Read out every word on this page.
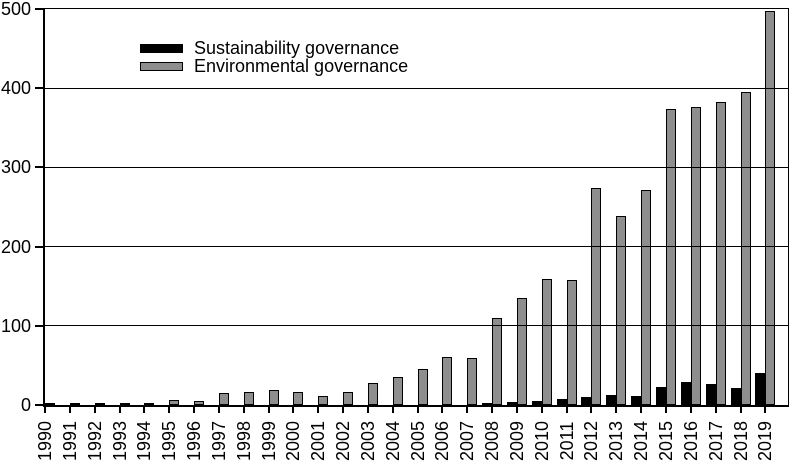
Sustainability governance
Environmental governance
1990 1991 1992 1993 1994 1995 1996 1997 1998 1999 2000 2001 2002 2003 2004 2005 2006 2007 2008 2009 2010 2011 2012 2013 2014 2015 2016 2017 2018 2019
0
100
200
300
400
500
